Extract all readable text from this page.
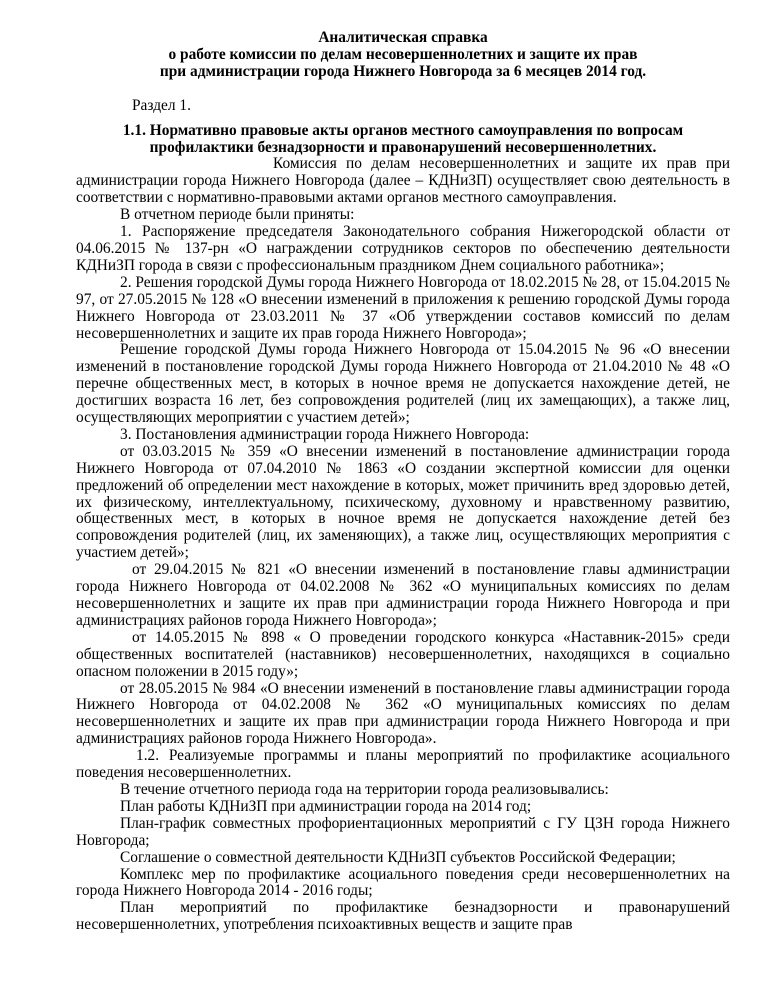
Аналитическая справка
о работе комиссии по делам несовершеннолетних и защите их прав
при администрации города Нижнего Новгорода за 6 месяцев 2014 год.
Раздел 1.
1.1. Нормативно правовые акты органов местного самоуправления по вопросам профилактики безнадзорности и правонарушений несовершеннолетних.

Комиссия по делам несовершеннолетних и защите их прав при администрации города Нижнего Новгорода (далее – КДНиЗП) осуществляет свою деятельность в соответствии с нормативно-правовыми актами органов местного самоуправления.

В отчетном периоде были приняты:

1. Распоряжение председателя Законодательного собрания Нижегородской области от 04.06.2015 № 137-рн «О награждении сотрудников секторов по обеспечению деятельности КДНиЗП города в связи с профессиональным праздником Днем социального работника»;

2. Решения городской Думы города Нижнего Новгорода от 18.02.2015 № 28, от 15.04.2015 № 97, от 27.05.2015 № 128 «О внесении изменений в приложения к решению городской Думы города Нижнего Новгорода от 23.03.2011 № 37 «Об утверждении составов комиссий по делам несовершеннолетних и защите их прав города Нижнего Новгорода»;

Решение городской Думы города Нижнего Новгорода от 15.04.2015 № 96 «О внесении изменений в постановление городской Думы города Нижнего Новгорода от 21.04.2010 № 48 «О перечне общественных мест, в которых в ночное время не допускается нахождение детей, не достигших возраста 16 лет, без сопровождения родителей (лиц их замещающих), а также лиц, осуществляющих мероприятии с участием детей»;

3. Постановления администрации города Нижнего Новгорода:

от 03.03.2015 № 359 «О внесении изменений в постановление администрации города Нижнего Новгорода от 07.04.2010 № 1863 «О создании экспертной комиссии для оценки предложений об определении мест нахождение в которых, может причинить вред здоровью детей, их физическому, интеллектуальному, психическому, духовному и нравственному развитию, общественных мест, в которых в ночное время не допускается нахождение детей без сопровождения родителей (лиц, их заменяющих), а также лиц, осуществляющих мероприятия с участием детей»;

от 29.04.2015 № 821 «О внесении изменений в постановление главы администрации города Нижнего Новгорода от 04.02.2008 № 362 «О муниципальных комиссиях по делам несовершеннолетних и защите их прав при администрации города Нижнего Новгорода и при администрациях районов города Нижнего Новгорода»;

от 14.05.2015 № 898 « О проведении городского конкурса «Наставник-2015» среди общественных воспитателей (наставников) несовершеннолетних, находящихся в социально опасном положении в 2015 году»;

от 28.05.2015 № 984 «О внесении изменений в постановление главы администрации города Нижнего Новгорода от 04.02.2008 № 362 «О муниципальных комиссиях по делам несовершеннолетних и защите их прав при администрации города Нижнего Новгорода и при администрациях районов города Нижнего Новгорода».

1.2. Реализуемые программы и планы мероприятий по профилактике асоциального поведения несовершеннолетних.

В течение отчетного периода года на территории города реализовывались:

План работы КДНиЗП при администрации города на 2014 год;

План-график совместных профориентационных мероприятий с ГУ ЦЗН города Нижнего Новгорода;

Соглашение о совместной деятельности КДНиЗП субъектов Российской Федерации;

Комплекс мер по профилактике асоциального поведения среди несовершеннолетних на города Нижнего Новгорода 2014 - 2016 годы;

План мероприятий по профилактике безнадзорности и правонарушений несовершеннолетних, употребления психоактивных веществ и защите прав
